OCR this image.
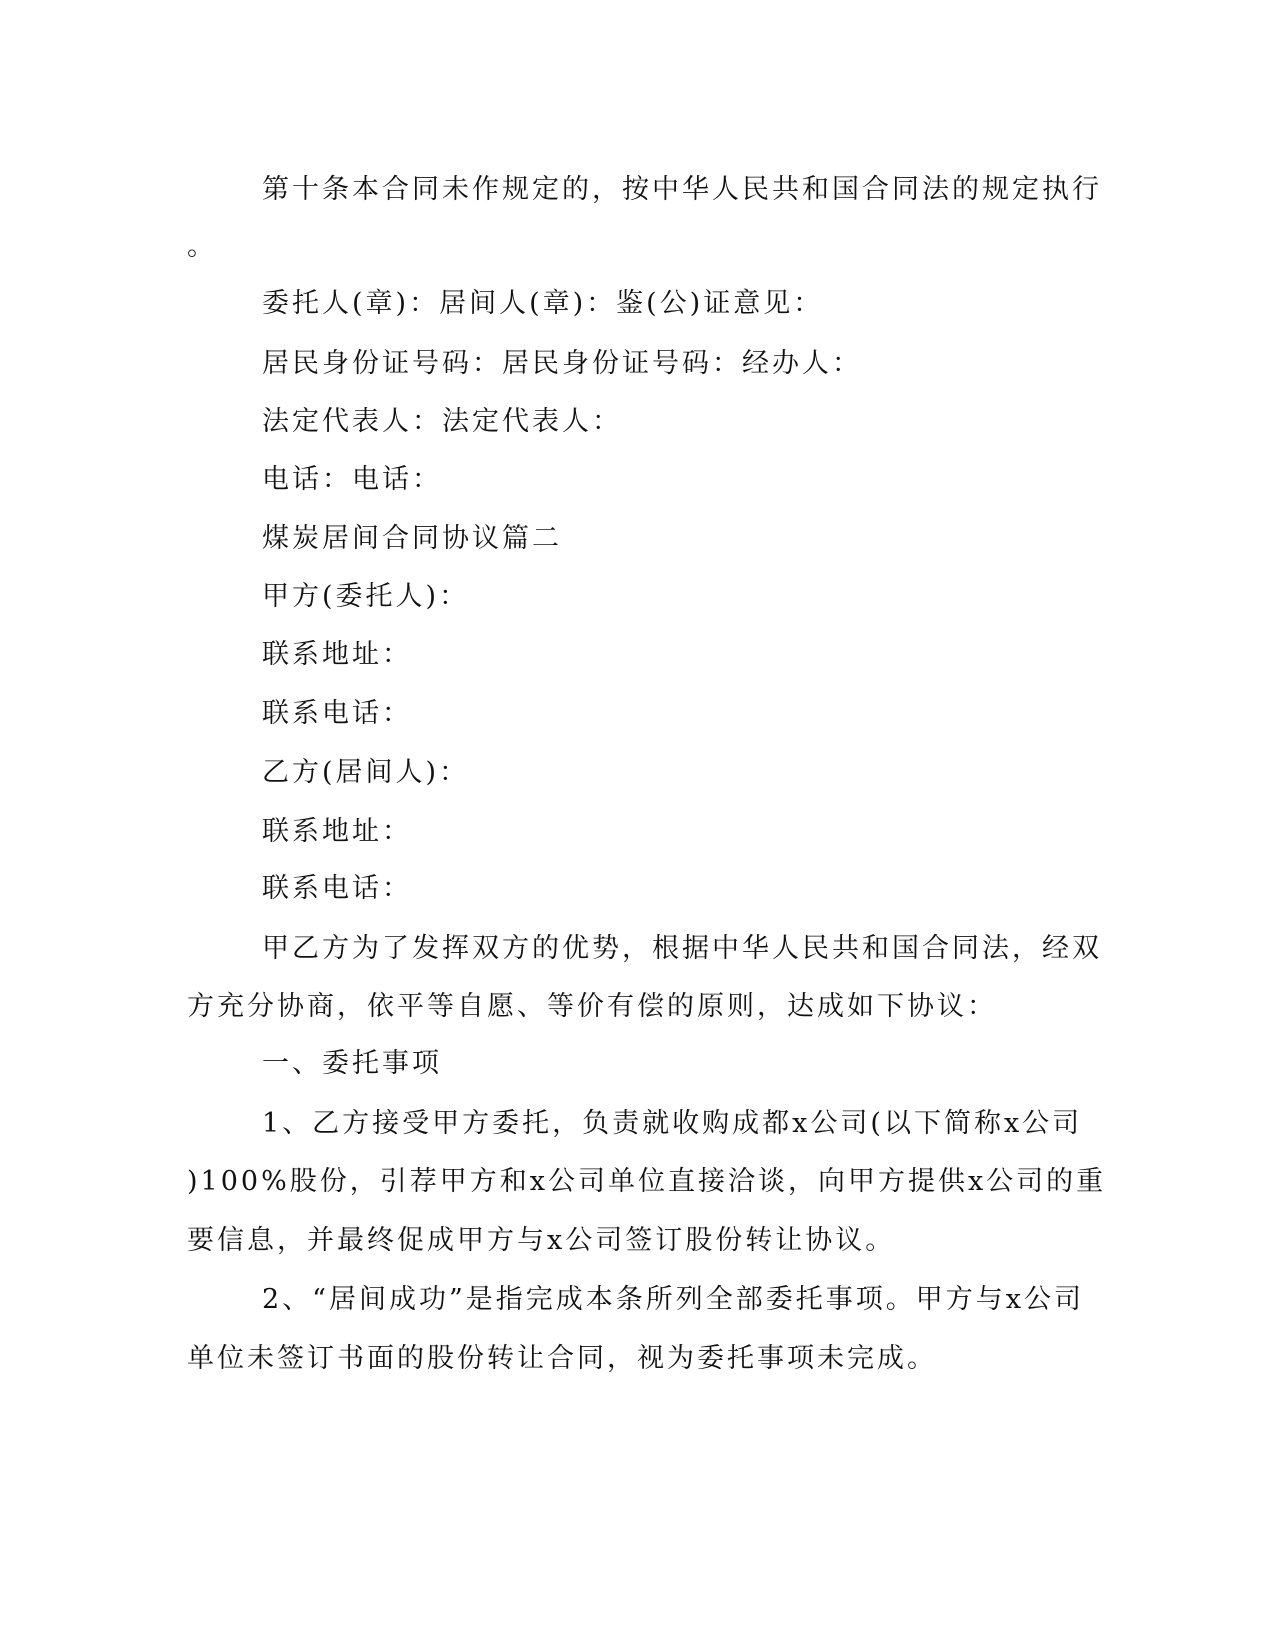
第十条本合同未作规定的，按中华人民共和国合同法的规定执行
。
委托人(章)：居间人(章)：鉴(公)证意见：
居民身份证号码：居民身份证号码：经办人：
法定代表人：法定代表人：
电话：电话：
煤炭居间合同协议篇二
甲方(委托人)：
联系地址：
联系电话：
乙方(居间人)：
联系地址：
联系电话：
甲乙方为了发挥双方的优势，根据中华人民共和国合同法，经双
方充分协商，依平等自愿、等价有偿的原则，达成如下协议：
一、委托事项
1、乙方接受甲方委托，负责就收购成都x公司(以下简称x公司
)100%股份，引荐甲方和x公司单位直接洽谈，向甲方提供x公司的重
要信息，并最终促成甲方与x公司签订股份转让协议。
2、“居间成功”是指完成本条所列全部委托事项。甲方与x公司
单位未签订书面的股份转让合同，视为委托事项未完成。
